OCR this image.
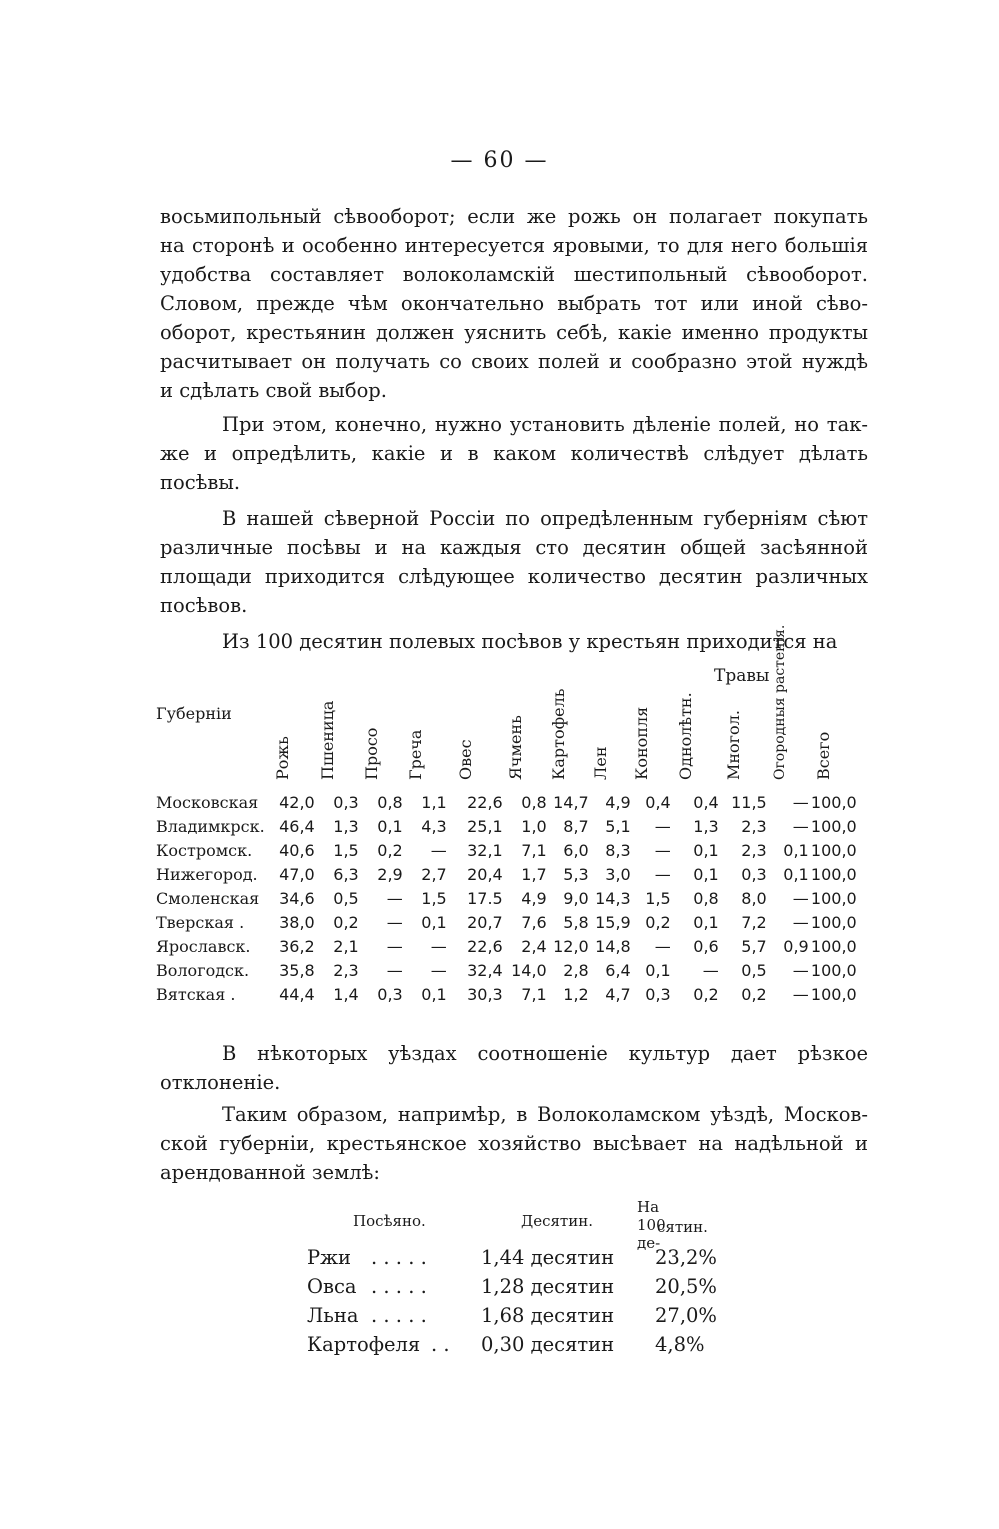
— 60 —
восьмипольный сѣвооборот; если же рожь он полагает покупать
на сторонѣ и особенно интересуется яровыми, то для него большія
удобства составляет волоколамскій шестипольный сѣвооборот.
Словом, прежде чѣм окончательно выбрать тот или иной сѣво-
оборот, крестьянин должен уяснить себѣ, какіе именно продукты
расчитывает он получать со своих полей и сообразно этой нуждѣ
и сдѣлать свой выбор.
При этом, конечно, нужно установить дѣленіе полей, но так-
же и опредѣлить, какіе и в каком количествѣ слѣдует дѣлать
посѣвы.
В нашей сѣверной Россіи по опредѣленным губерніям сѣют
различные посѣвы и на каждыя сто десятин общей засѣянной
площади приходится слѣдующее количество десятин различных
посѣвов.
Из 100 десятин полевых посѣвов у крестьян приходится на
Травы
Губерніи	Рожь	Пшеница	Просо	Греча	Овес	Ячмень	Картофель	Лен	Конопля	Однолѣтн.	Многол.	Огородныя растенія.	Всего

Московская	42,0	0,3	0,8	1,1	22,6	0,8	14,7	4,9	0,4	0,4	11,5	—	100,0
Владимкрск.	46,4	1,3	0,1	4,3	25,1	1,0	8,7	5,1	—	1,3	2,3	—	100,0
Костромск.	40,6	1,5	0,2	—	32,1	7,1	6,0	8,3	—	0,1	2,3	0,1	100,0
Нижегород.	47,0	6,3	2,9	2,7	20,4	1,7	5,3	3,0	—	0,1	0,3	0,1	100,0
Смоленская	34,6	0,5	—	1,5	17.5	4,9	9,0	14,3	1,5	0,8	8,0	—	100,0
Тверская .	38,0	0,2	—	0,1	20,7	7,6	5,8	15,9	0,2	0,1	7,2	—	100,0
Ярославск.	36,2	2,1	—	—	22,6	2,4	12,0	14,8	—	0,6	5,7	0,9	100,0
Вологодск.	35,8	2,3	—	—	32,4	14,0	2,8	6,4	0,1	—	0,5	—	100,0
Вятская .	44,4	1,4	0,3	0,1	30,3	7,1	1,2	4,7	0,3	0,2	0,2	—	100,0
В нѣкоторых уѣздах соотношеніе культур дает рѣзкое
отклоненіе.
Таким образом, напримѣр, в Волоколамском уѣздѣ, Москов-
ской губерніи, крестьянское хозяйство высѣвает на надѣльной и
арендованной землѣ:
Посѣяно.	Десятин.
На 100 де-
сятин.
Ржи . . . . .	1,44 десятин 23,2%
Овса . . . . .	1,28 десятин 20,5%
Льна . . . . .	1,68 десятин 27,0%
Картофеля . . 0,30 десятин 4,8%
